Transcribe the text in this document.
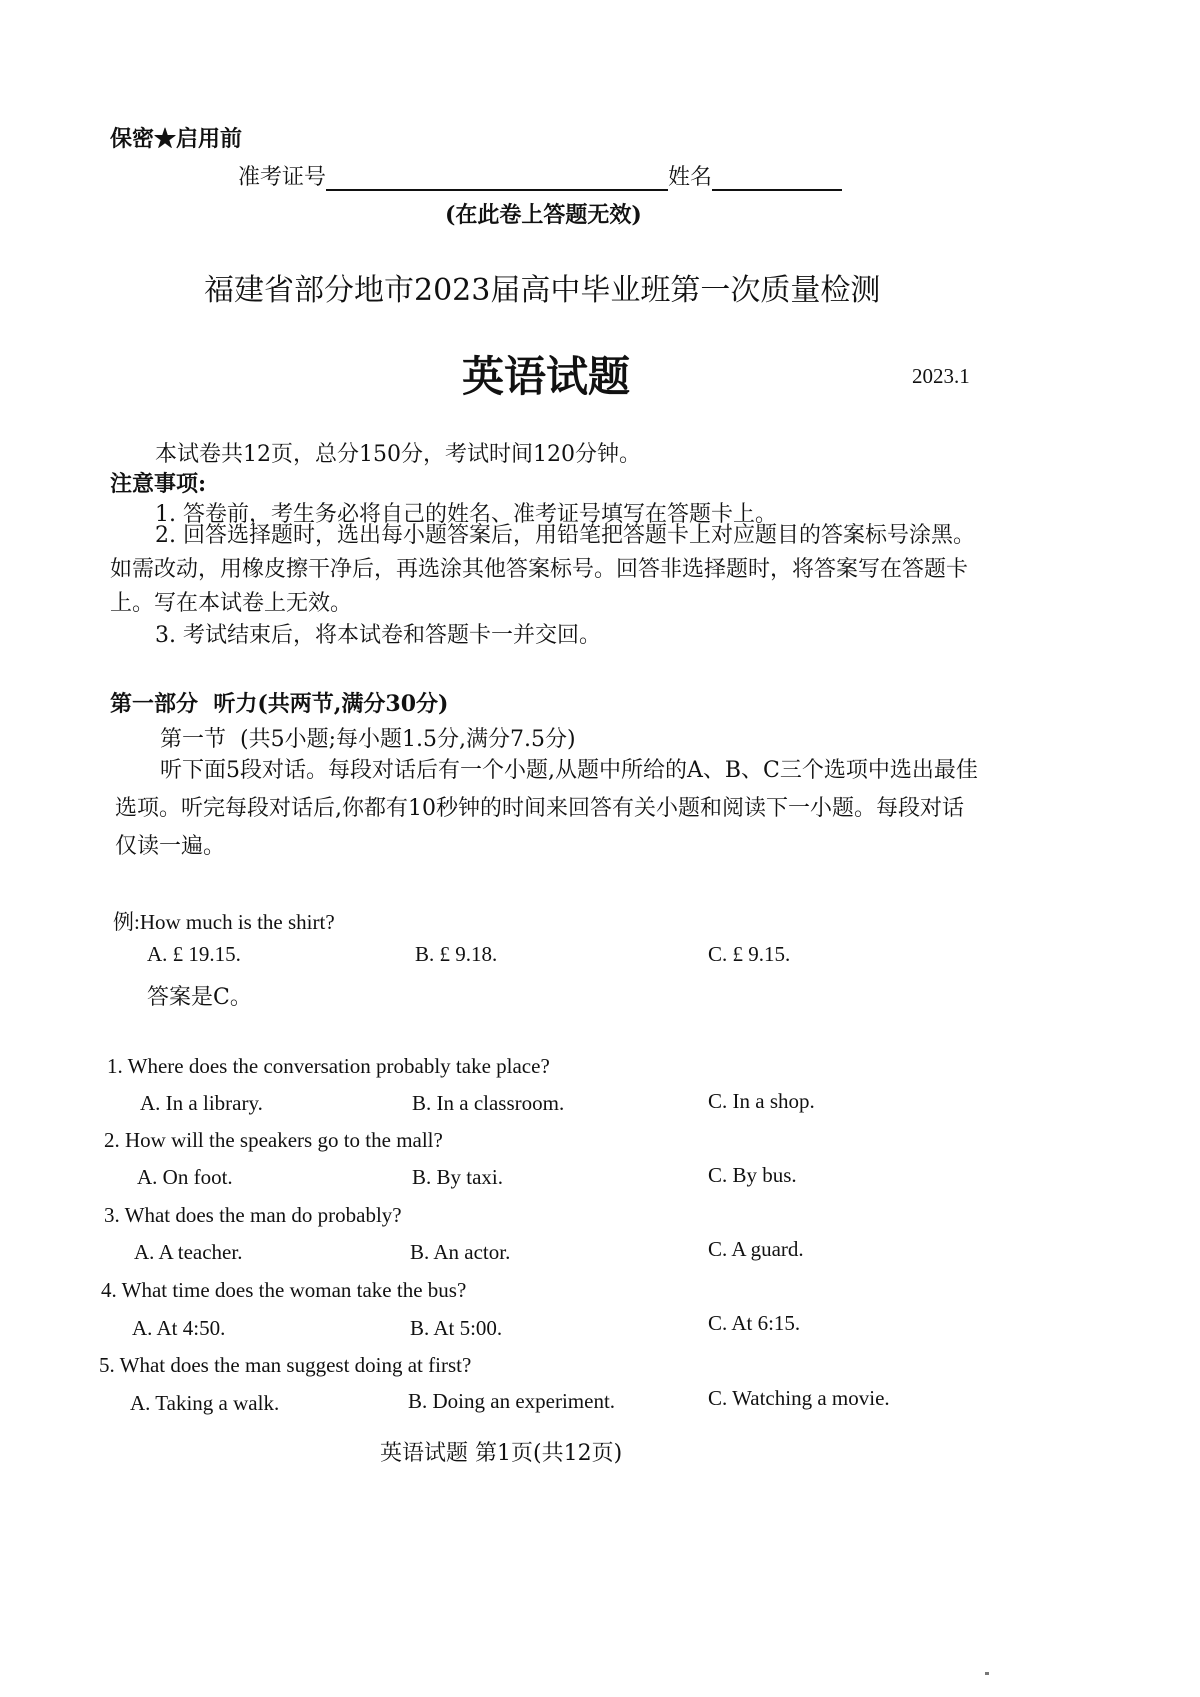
保密★启用前
准考证号	姓名
(在此卷上答题无效)
福建省部分地市2023届高中毕业班第一次质量检测
英语试题	2023.1
本试卷共12页，总分150分，考试时间120分钟。
注意事项:
1. 答卷前，考生务必将自己的姓名、准考证号填写在答题卡上。
2. 回答选择题时，选出每小题答案后，用铅笔把答题卡上对应题目的答案标号涂黑。如需改动，用橡皮擦干净后，再选涂其他答案标号。回答非选择题时，将答案写在答题卡上。写在本试卷上无效。
3. 考试结束后，将本试卷和答题卡一并交回。
第一部分  听力(共两节,满分30分)
第一节  (共5小题;每小题1.5分,满分7.5分)
听下面5段对话。每段对话后有一个小题,从题中所给的A、B、C三个选项中选出最佳选项。听完每段对话后,你都有10秒钟的时间来回答有关小题和阅读下一小题。每段对话仅读一遍。
例:How much is the shirt?
A. £ 19.15.	B. £ 9.18.	C. £ 9.15.
答案是C。
1. Where does the conversation probably take place?
A. In a library.	B. In a classroom.	C. In a shop.
2. How will the speakers go to the mall?
A. On foot.	B. By taxi.	C. By bus.
3. What does the man do probably?
A. A teacher.	B. An actor.	C. A guard.
4. What time does the woman take the bus?
A. At 4:50.	B. At 5:00.	C. At 6:15.
5. What does the man suggest doing at first?
A. Taking a walk.	B. Doing an experiment.	C. Watching a movie.
英语试题 第1页(共12页)
